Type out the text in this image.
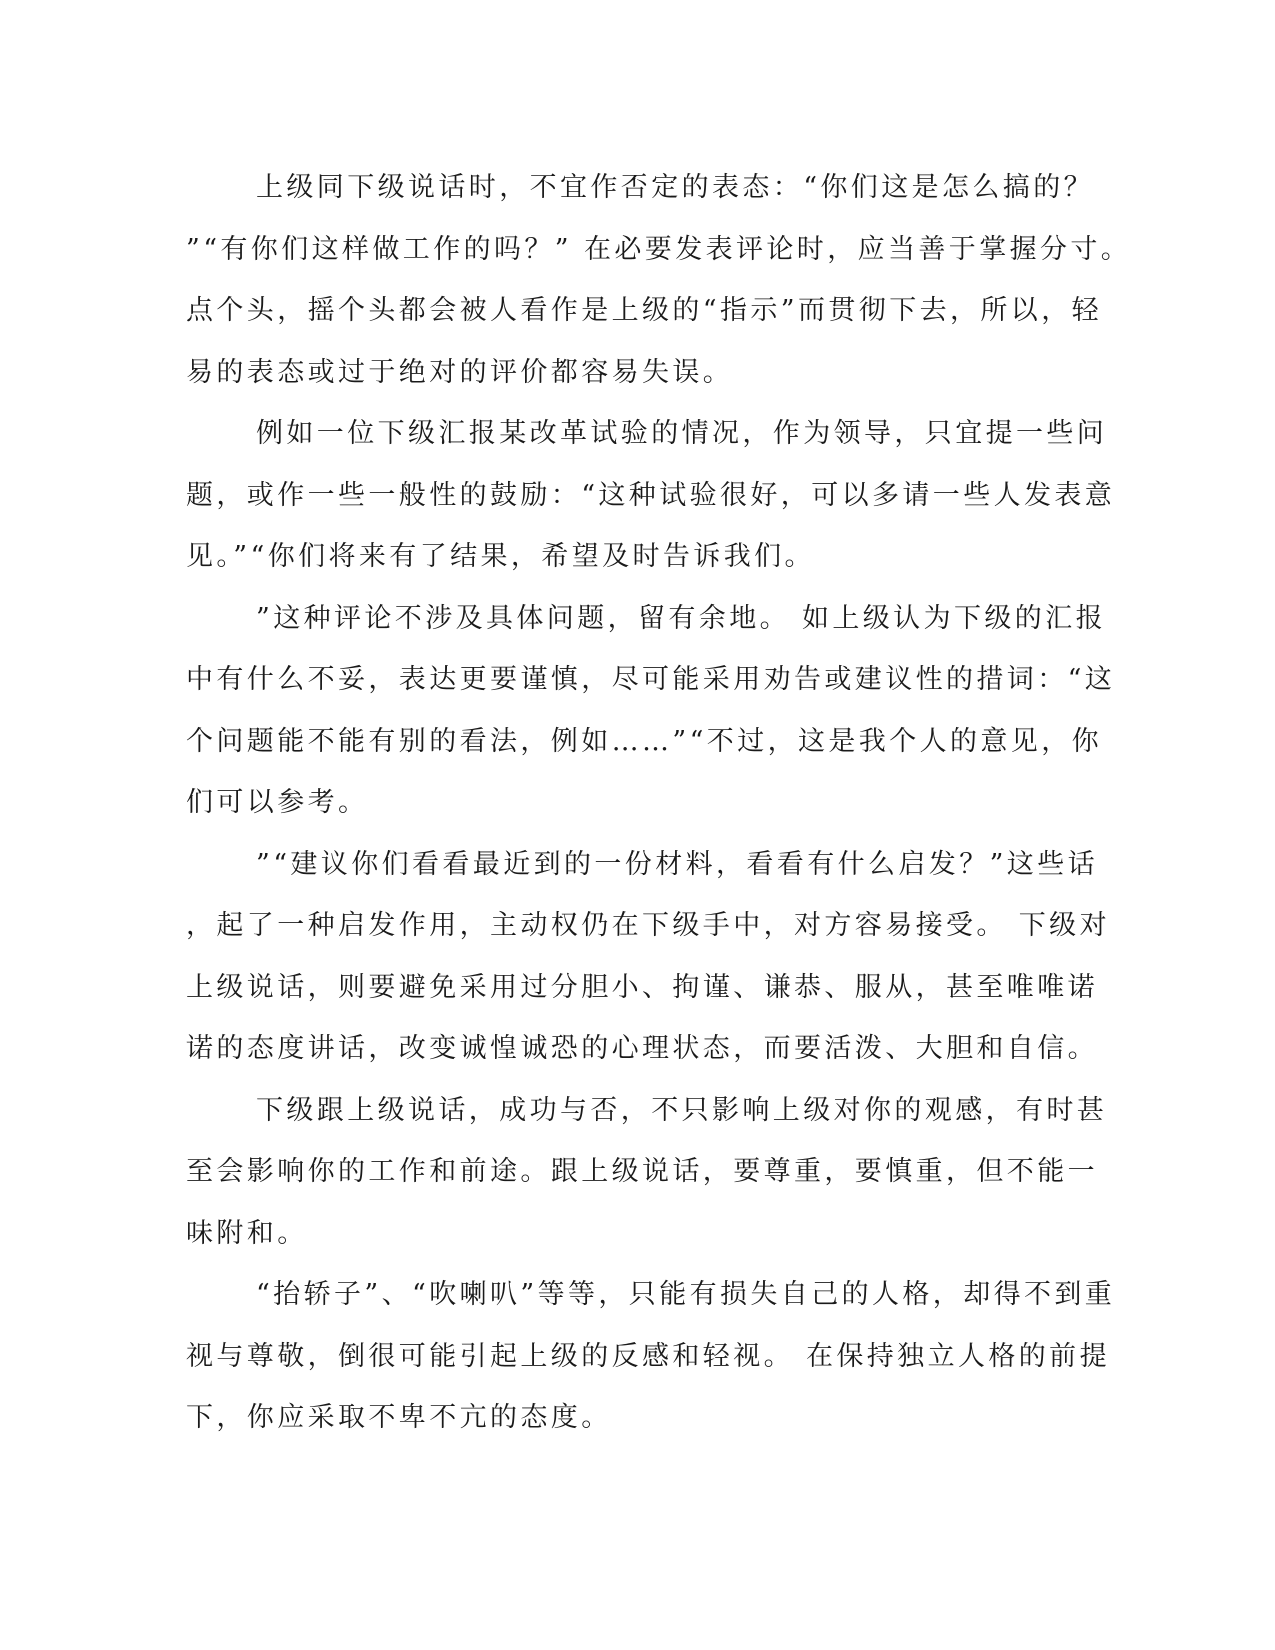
上级同下级说话时，不宜作否定的表态：“你们这是怎么搞的？
”“有你们这样做工作的吗？” 在必要发表评论时，应当善于掌握分寸。
点个头，摇个头都会被人看作是上级的“指示”而贯彻下去，所以，轻
易的表态或过于绝对的评价都容易失误。
例如一位下级汇报某改革试验的情况，作为领导，只宜提一些问
题，或作一些一般性的鼓励：“这种试验很好，可以多请一些人发表意
见。”“你们将来有了结果，希望及时告诉我们。
”这种评论不涉及具体问题，留有余地。 如上级认为下级的汇报
中有什么不妥，表达更要谨慎，尽可能采用劝告或建议性的措词：“这
个问题能不能有别的看法，例如……”“不过，这是我个人的意见，你
们可以参考。
”“建议你们看看最近到的一份材料，看看有什么启发？”这些话
，起了一种启发作用，主动权仍在下级手中，对方容易接受。 下级对
上级说话，则要避免采用过分胆小、拘谨、谦恭、服从，甚至唯唯诺
诺的态度讲话，改变诚惶诚恐的心理状态，而要活泼、大胆和自信。
下级跟上级说话，成功与否，不只影响上级对你的观感，有时甚
至会影响你的工作和前途。跟上级说话，要尊重，要慎重，但不能一
味附和。
“抬轿子”、“吹喇叭”等等，只能有损失自己的人格，却得不到重
视与尊敬，倒很可能引起上级的反感和轻视。 在保持独立人格的前提
下，你应采取不卑不亢的态度。
